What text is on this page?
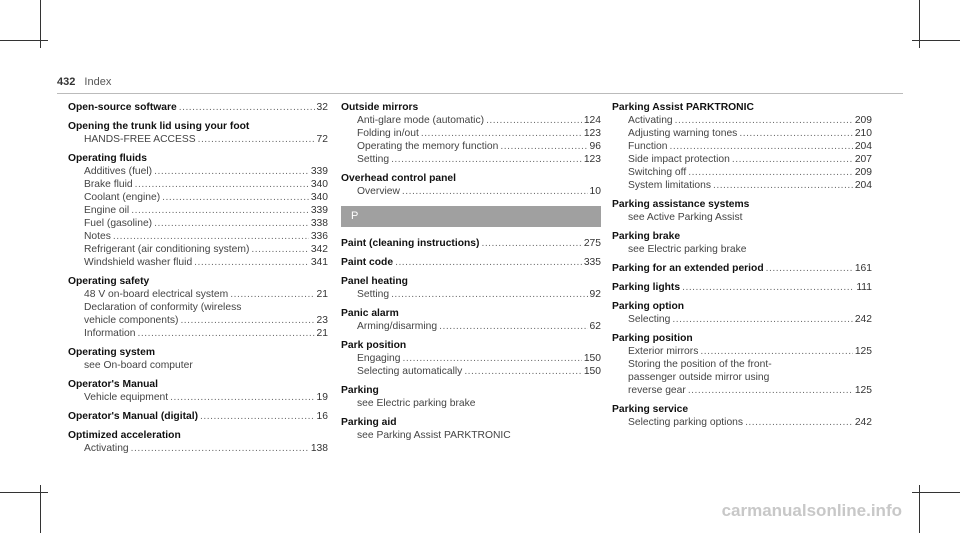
432 Index
Open-source software .....	32
Opening the trunk lid using your foot
HANDS-FREE ACCESS .....	72
Operating fluids
Additives (fuel) .....	339
Brake fluid .....	340
Coolant (engine) .....	340
Engine oil .....	339
Fuel (gasoline) .....	338
Notes .....	336
Refrigerant (air conditioning system) .....	342
Windshield washer fluid .....	341
Operating safety
48 V on-board electrical system .....	21
Declaration of conformity (wireless
vehicle components) .....	23
Information .....	21
Operating system
see On-board computer
Operator's Manual
Vehicle equipment .....	19
Operator's Manual (digital) .....	16
Optimized acceleration
Activating .....	138
Outside mirrors
Anti-glare mode (automatic) .....	124
Folding in/out .....	123
Operating the memory function .....	96
Setting .....	123
Overhead control panel
Overview .....	10
P
Paint (cleaning instructions) .....	275
Paint code .....	335
Panel heating
Setting .....	92
Panic alarm
Arming/disarming .....	62
Park position
Engaging .....	150
Selecting automatically .....	150
Parking
see Electric parking brake
Parking aid
see Parking Assist PARKTRONIC
Parking Assist PARKTRONIC
Activating .....	209
Adjusting warning tones .....	210
Function .....	204
Side impact protection .....	207
Switching off .....	209
System limitations .....	204
Parking assistance systems
see Active Parking Assist
Parking brake
see Electric parking brake
Parking for an extended period .....	161
Parking lights .....	111
Parking option
Selecting .....	242
Parking position
Exterior mirrors .....	125
Storing the position of the front-
passenger outside mirror using
reverse gear .....	125
Parking service
Selecting parking options .....	242
carmanualsonline.info
